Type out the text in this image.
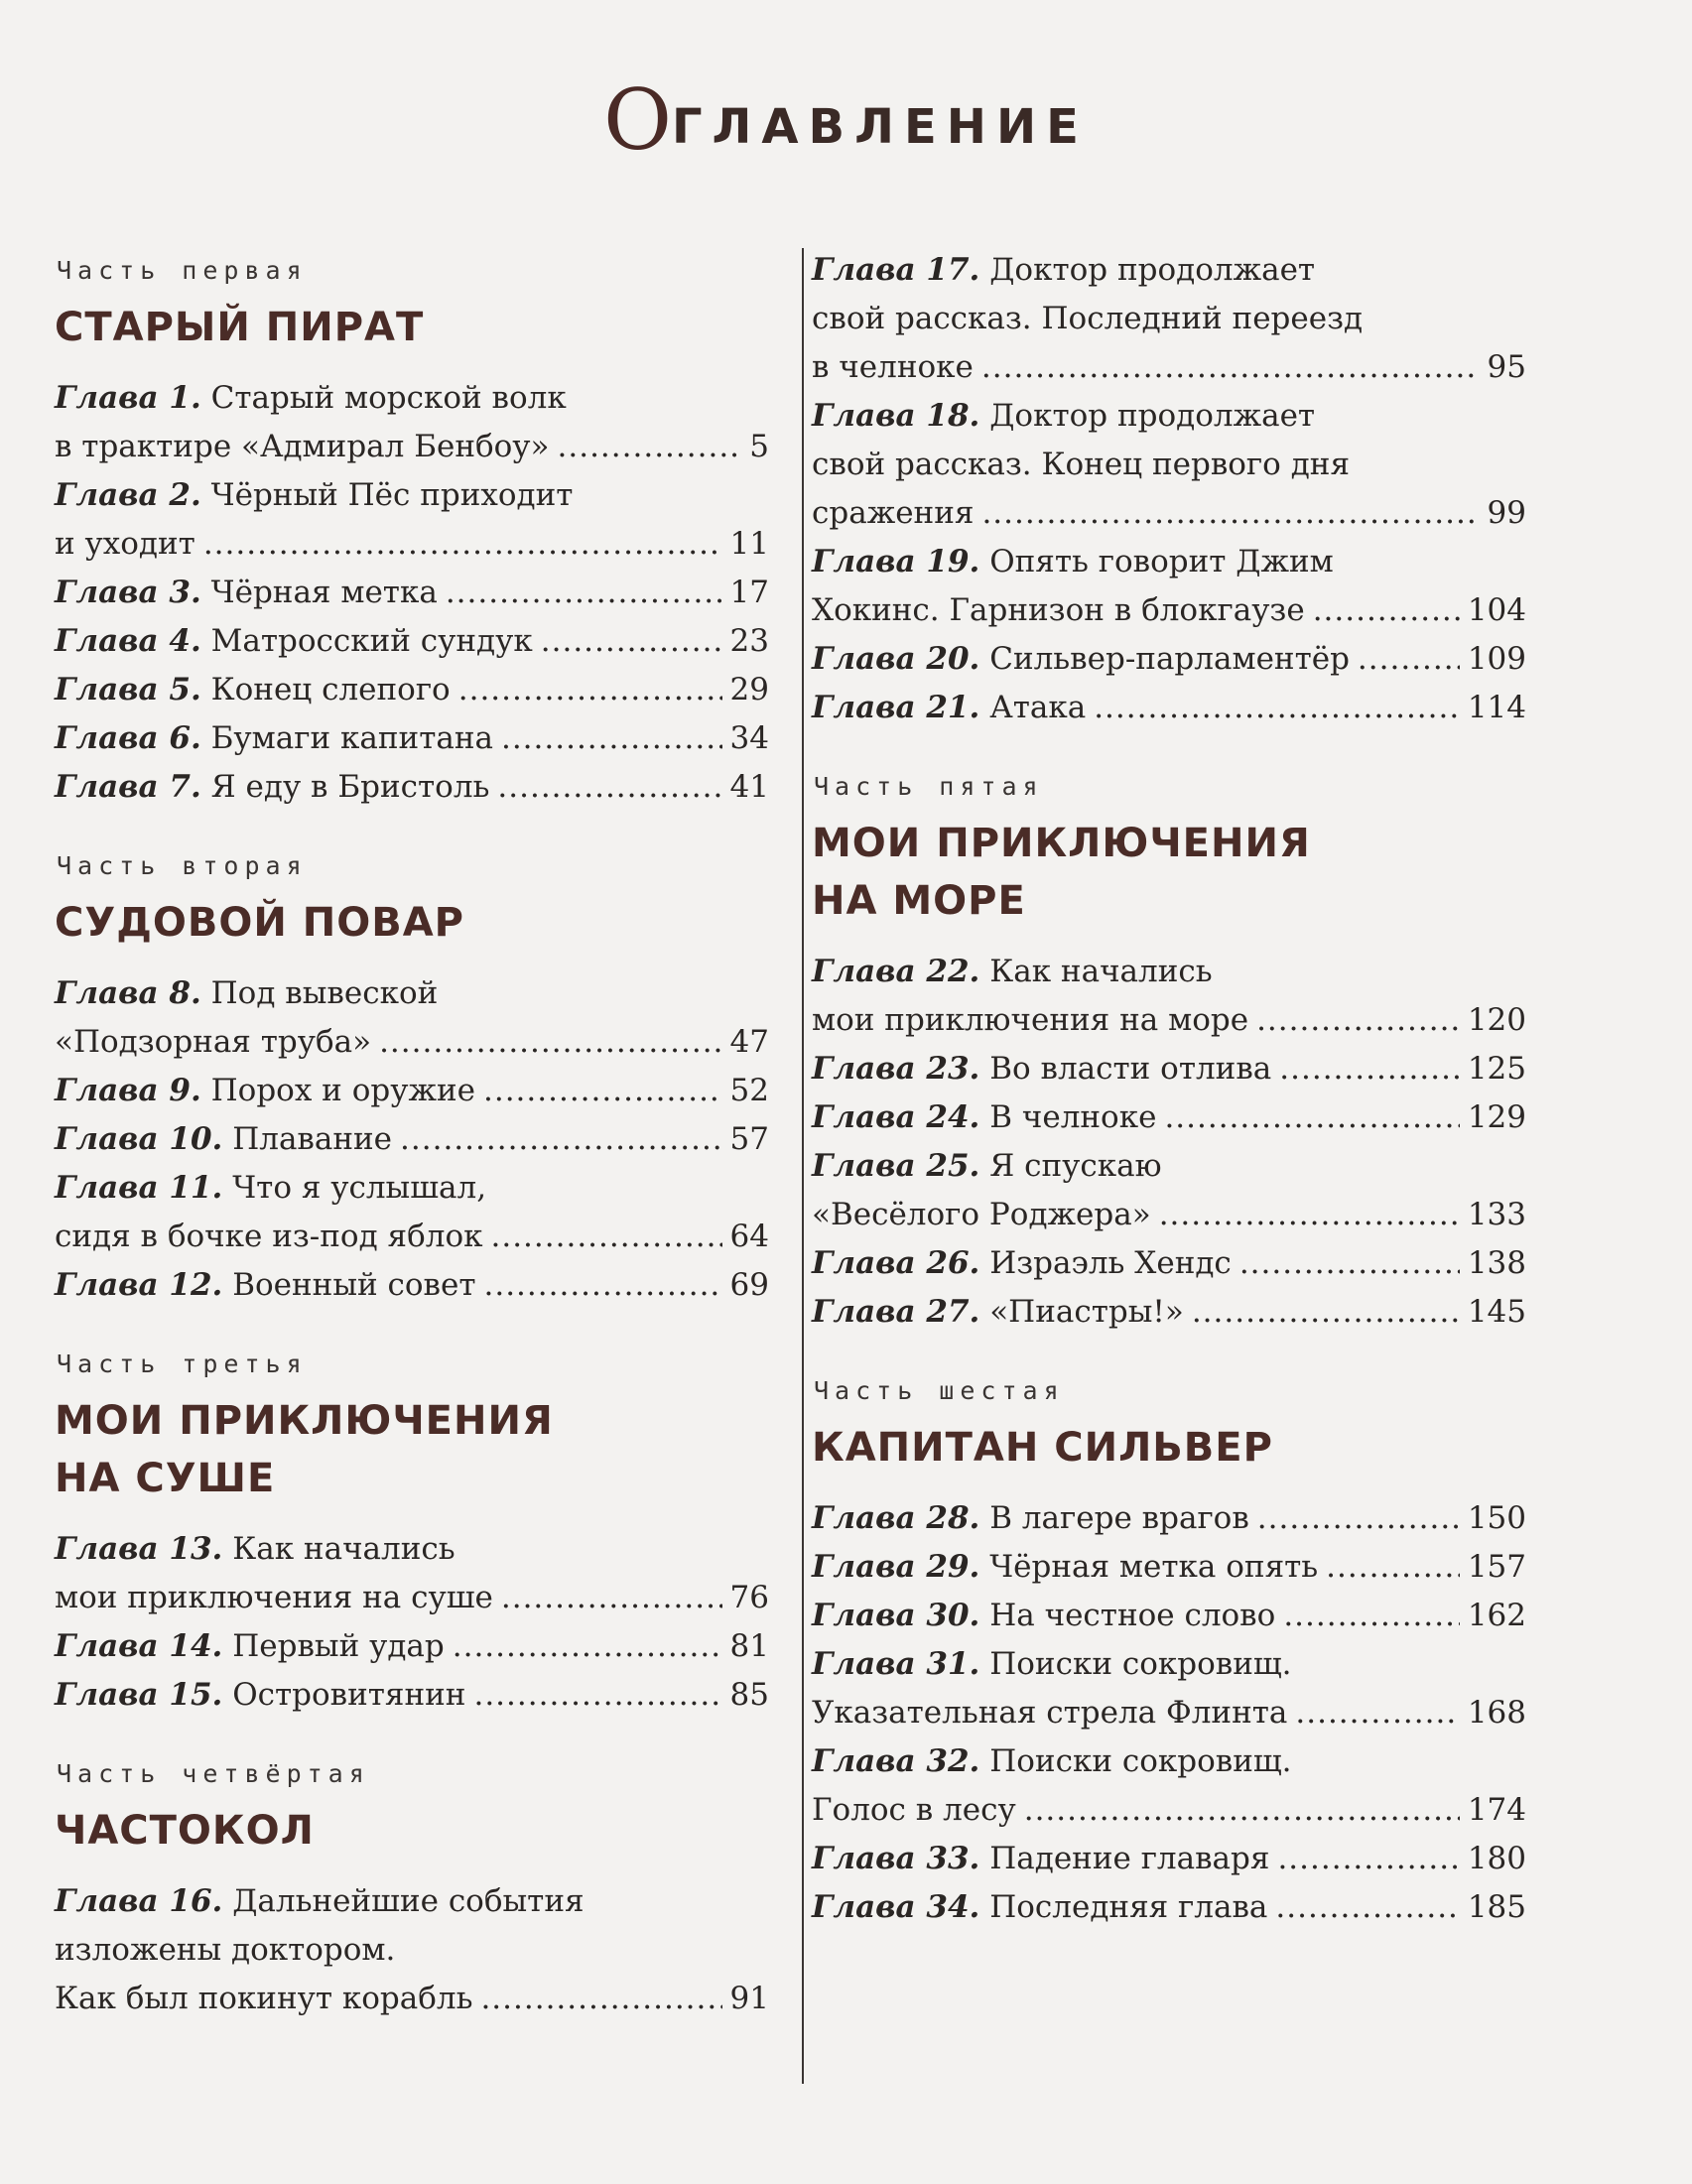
ОГЛАВЛЕНИЕ
Часть первая
СТАРЫЙ ПИРАТ
Глава 1. Старый морской волк
в трактире «Адмирал Бенбоу» .....	5
Глава 2. Чёрный Пёс приходит
и уходит .....	11
Глава 3. Чёрная метка .....	17
Глава 4. Матросский сундук .....	23
Глава 5. Конец слепого .....	29
Глава 6. Бумаги капитана .....	34
Глава 7. Я еду в Бристоль .....	41
Часть вторая
СУДОВОЙ ПОВАР
Глава 8. Под вывеской
«Подзорная труба» .....	47
Глава 9. Порох и оружие .....	52
Глава 10. Плавание .....	57
Глава 11. Что я услышал,
сидя в бочке из-под яблок .....	64
Глава 12. Военный совет .....	69
Часть третья
МОИ ПРИКЛЮЧЕНИЯ
НА СУШЕ
Глава 13. Как начались
мои приключения на суше .....	76
Глава 14. Первый удар .....	81
Глава 15. Островитянин .....	85
Часть четвёртая
ЧАСТОКОЛ
Глава 16. Дальнейшие события
изложены доктором.
Как был покинут корабль .....	91
Глава 17. Доктор продолжает
свой рассказ. Последний переезд
в челноке .....	95
Глава 18. Доктор продолжает
свой рассказ. Конец первого дня
сражения .....	99
Глава 19. Опять говорит Джим
Хокинс. Гарнизон в блокгаузе .....	104
Глава 20. Сильвер-парламентёр .....	109
Глава 21. Атака .....	114
Часть пятая
МОИ ПРИКЛЮЧЕНИЯ
НА МОРЕ
Глава 22. Как начались
мои приключения на море .....	120
Глава 23. Во власти отлива .....	125
Глава 24. В челноке .....	129
Глава 25. Я спускаю
«Весёлого Роджера» .....	133
Глава 26. Израэль Хендс .....	138
Глава 27. «Пиастры!» .....	145
Часть шестая
КАПИТАН СИЛЬВЕР
Глава 28. В лагере врагов .....	150
Глава 29. Чёрная метка опять .....	157
Глава 30. На честное слово .....	162
Глава 31. Поиски сокровищ.
Указательная стрела Флинта .....	168
Глава 32. Поиски сокровищ.
Голос в лесу .....	174
Глава 33. Падение главаря .....	180
Глава 34. Последняя глава .....	185
